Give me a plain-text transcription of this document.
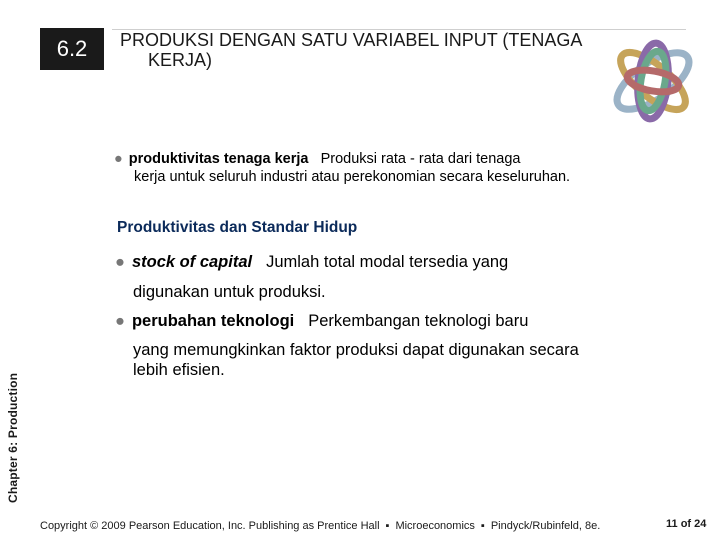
6.2	PRODUKSI DENGAN SATU VARIABEL INPUT (TENAGA
KERJA)
Chapter 6: Production
● produktivitas tenaga kerja Produksi rata - rata dari tenaga
kerja untuk seluruh industri atau perekonomian secara keseluruhan.
Produktivitas dan Standar Hidup
● stock of capital Jumlah total modal tersedia yang
digunakan untuk produksi.
● perubahan teknologi Perkembangan teknologi baru
yang memungkinkan faktor produksi dapat digunakan secara lebih efisien.
Copyright © 2009 Pearson Education, Inc. Publishing as Prentice Hall ▪ Microeconomics ▪ Pindyck/Rubinfeld, 8e.	11 of 24
